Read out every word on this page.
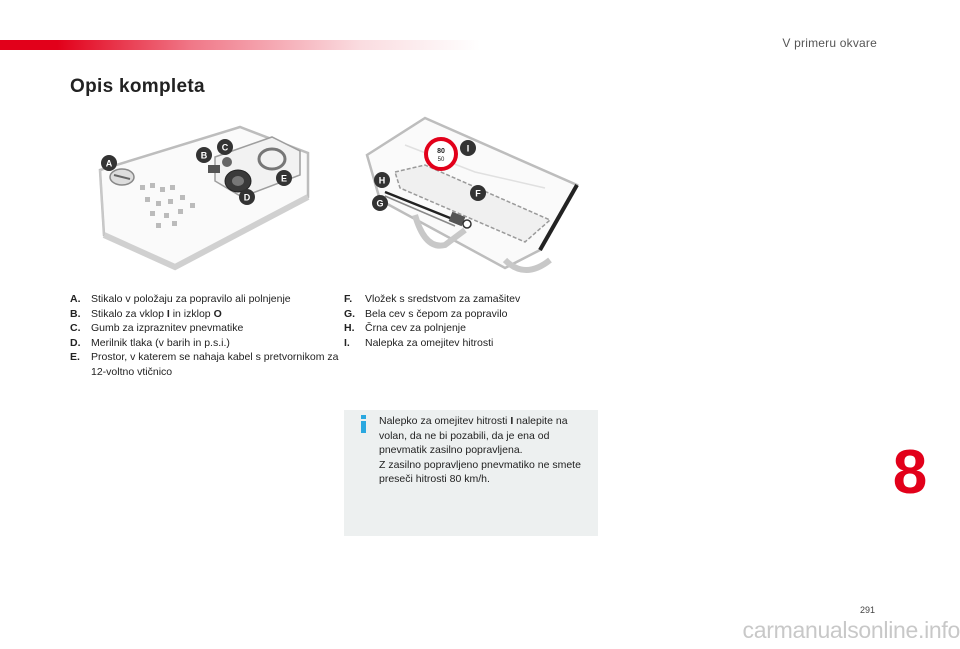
V primeru okvare
Opis kompleta
A
B
C
D
E
80
50
I
H
F
G
A.	Stikalo v položaju za popravilo ali polnjenje
B.	Stikalo za vklop I in izklop O
C.	Gumb za izpraznitev pnevmatike
D.	Merilnik tlaka (v barih in p.s.i.)
E.	Prostor, v katerem se nahaja kabel s pretvornikom za 12-voltno vtičnico
F.	Vložek s sredstvom za zamašitev
G. Bela cev s čepom za popravilo
H.	Črna cev za polnjenje
I.	Nalepka za omejitev hitrosti
Nalepko za omejitev hitrosti I nalepite na volan, da ne bi pozabili, da je ena od pnevmatik zasilno popravljena.
Z zasilno popravljeno pnevmatiko ne smete preseči hitrosti 80 km/h.	8
291
carmanualsonline.info
